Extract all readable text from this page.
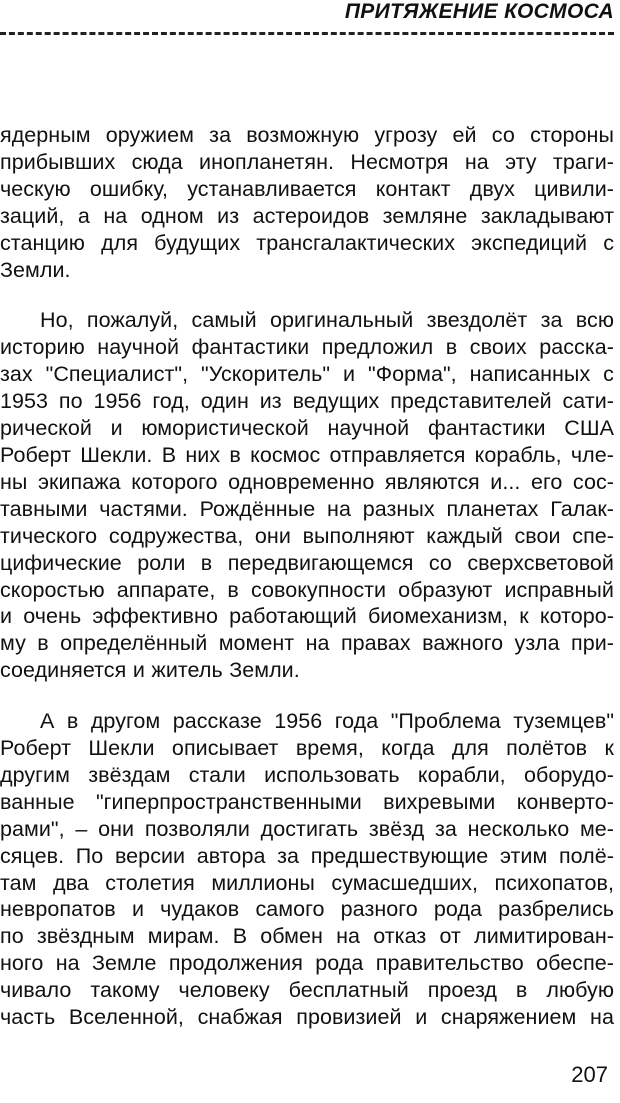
ПРИТЯЖЕНИЕ КОСМОСА

ядерным оружием за возможную угрозу ей со стороны
прибывших сюда инопланетян. Несмотря на эту траги-
ческую ошибку, устанавливается контакт двух цивили-
заций, а на одном из астероидов земляне закладывают
станцию для будущих трансгалактических экспедиций с
Земли.

Но, пожалуй, самый оригинальный звездолёт за всю
историю научной фантастики предложил в своих расска-
зах "Специалист", "Ускоритель" и "Форма", написанных с
1953 по 1956 год, один из ведущих представителей сати-
рической и юмористической научной фантастики США
Роберт Шекли. В них в космос отправляется корабль, чле-
ны экипажа которого одновременно являются и... его сос-
тавными частями. Рождённые на разных планетах Галак-
тического содружества, они выполняют каждый свои спе-
цифические роли в передвигающемся со сверхсветовой
скоростью аппарате, в совокупности образуют исправный
и очень эффективно работающий биомеханизм, к которо-
му в определённый момент на правах важного узла при-
соединяется и житель Земли.

А в другом рассказе 1956 года "Проблема туземцев"
Роберт Шекли описывает время, когда для полётов к
другим звёздам стали использовать корабли, оборудо-
ванные "гиперпространственными вихревыми конверто-
рами", – они позволяли достигать звёзд за несколько ме-
сяцев. По версии автора за предшествующие этим полё-
там два столетия миллионы сумасшедших, психопатов,
невропатов и чудаков самого разного рода разбрелись
по звёздным мирам. В обмен на отказ от лимитирован-
ного на Земле продолжения рода правительство обеспе-
чивало такому человеку бесплатный проезд в любую
часть Вселенной, снабжая провизией и снаряжением на

207
